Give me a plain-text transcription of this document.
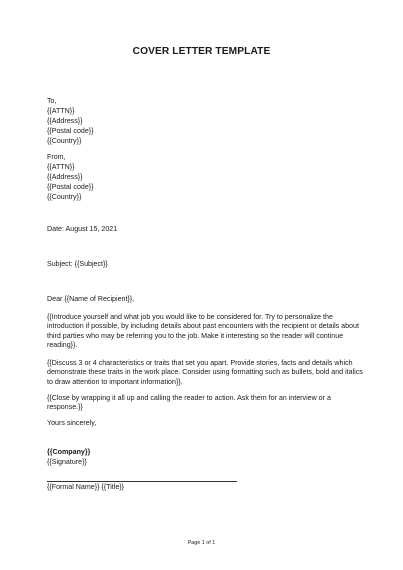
COVER LETTER TEMPLATE
To,
{{ATTN}}
{{Address}}
{{Postal code}}
{{Country}}
From,
{{ATTN}}
{{Address}}
{{Postal code}}
{{Country}}
Date: August 15, 2021
Subject: {{Subject}}
Dear {{Name of Recipient}},
{{Introduce yourself and what job you would like to be considered for. Try to personalize the introduction if possible, by including details about past encounters with the recipient or details about third parties who may be referring you to the job. Make it interesting so the reader will continue reading}}.
{{Discuss 3 or 4 characteristics or traits that set you apart. Provide stories, facts and details which demonstrate these traits in the work place. Consider using formatting such as bullets, bold and italics to draw attention to important information}}.
{{Close by wrapping it all up and calling the reader to action. Ask them for an interview or a response.}}
Yours sincerely,
{{Company}}
{{Signature}}
{{Formal Name}} {{Title}}
Page 1 of 1
